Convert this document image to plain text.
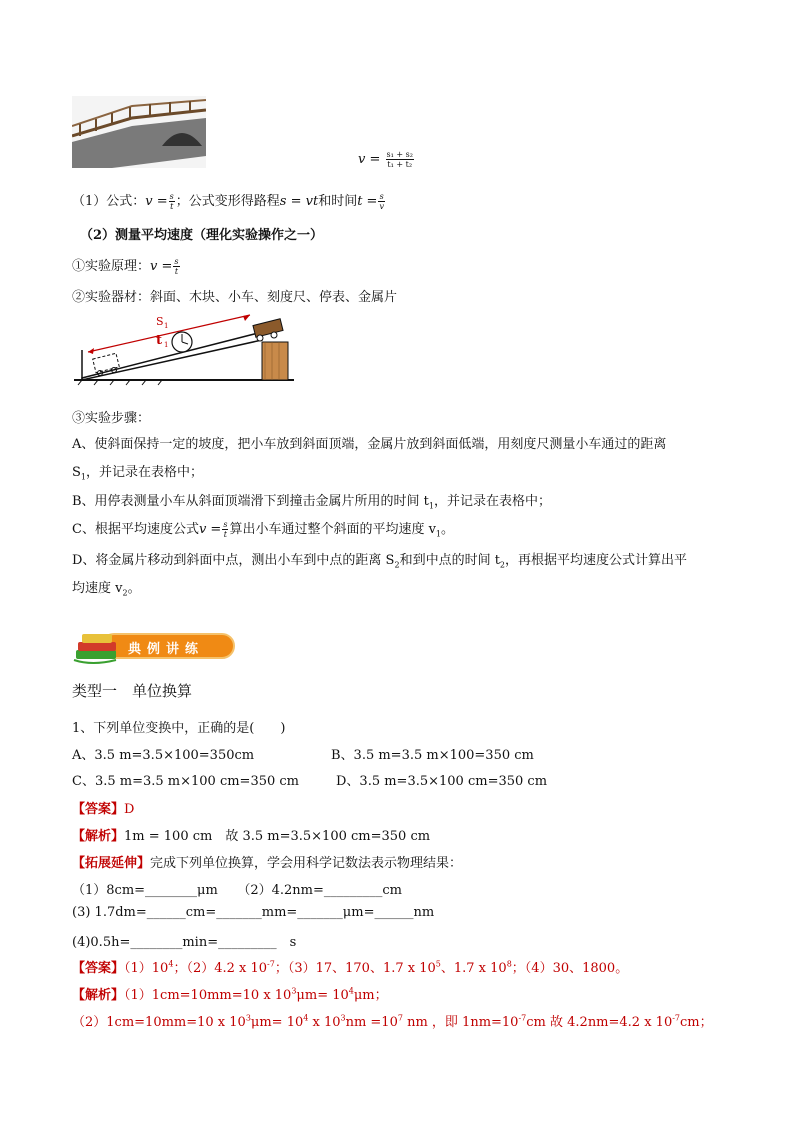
$v = \frac{\text{s₁ + s₂}}{\text{t₁ + t₂}}$
（1）公式：$v = \frac{s}{t}$ ；公式变形得路程s = vt和时间$t = \frac{s}{v}$
（2）测量平均速度（理化实验操作之一）
①实验原理：$v = \frac{s}{t}$
②实验器材：斜面、木块、小车、刻度尺、停表、金属片
S 1
t 1
③实验步骤：
A、使斜面保持一定的坡度，把小车放到斜面顶端，金属片放到斜面低端，用刻度尺测量小车通过的距离
$S_1$，并记录在表格中；
B、用停表测量小车从斜面顶端滑下到撞击金属片所用的时间 $t_1$，并记录在表格中；
C、根据平均速度公式$v = \frac{s}{t}$ 算出小车通过整个斜面的平均速度 $v_1$。
D、将金属片移动到斜面中点，测出小车到中点的距离 $S_2$和到中点的时间 $t_2$，再根据平均速度公式计算出平
均速度 $v_2$。
典例讲练
类型一　单位换算
1、下列单位变换中，正确的是(　　)
A、3.5 m=3.5×100=350cm	B、3.5 m=3.5 m×100=350 cm
C、3.5 m=3.5 m×100 cm=350 cm	D、3.5 m=3.5×100 cm=350 cm
【答案】D
【解析】1m = 100 cm　故 3.5 m=3.5×100 cm=350 cm
【拓展延伸】完成下列单位换算，学会用科学记数法表示物理结果：
（1）8cm=________μm　　（2）4.2nm=_________cm
(3) 1.7dm=______cm=_______mm=_______μm=______nm
(4)0.5h=________min=_________　s
【答案】$(1)10^4$；（2）4.2 x $10^{-7}$；（3）17、170、1.7 x $10^5$、1.7 x $10^8$；（4）30、1800。
【解析】（1）1cm=10mm=10 x $10^3\mu m= 10^4\mu m$；
（2）1cm=10mm=10 x $10^3\mu m= 10^4$ x $10^3nm =10^7$ nm ，即 $1nm=10^{-7}cm$ 故 4.2nm=4.2 x $10^{-7}cm$；
